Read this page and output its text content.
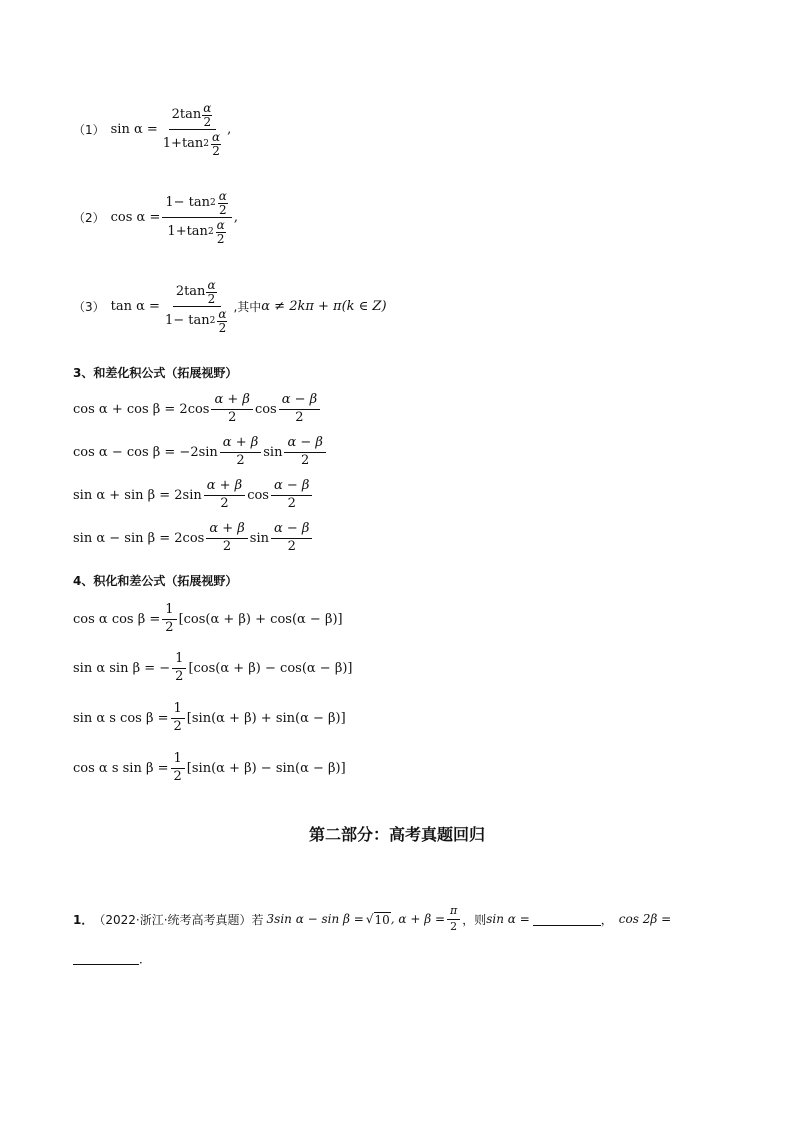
（1） $\sin \alpha = \frac{2\tan \frac{\alpha}{2}}{1+\tan 2 \frac{\alpha}{2}}$ ,
（2） $\cos \alpha = \frac{1- \tan 2 \frac{\alpha}{2}}{1+\tan 2 \frac{\alpha}{2}}$ ,
（3） $\tan \alpha = \frac{2\tan \frac{\alpha}{2}}{1- \tan 2 \frac{\alpha}{2}}$ ,其中 α ≠ 2kπ + π(k ∈ Z)
3、和差化积公式（拓展视野）
$\cos \alpha + \cos \beta = 2\cos \frac{\alpha + \beta}{2}$ $\cos \frac{\alpha - \beta}{2}$
$\cos \alpha - \cos \beta = -2\sin \frac{\alpha + \beta}{2}$ $\sin \frac{\alpha - \beta}{2}$
$\sin \alpha + \sin \beta = 2\sin \frac{\alpha + \beta}{2}$ $\cos \frac{\alpha - \beta}{2}$
$\sin \alpha - \sin \beta = 2\cos \frac{\alpha + \beta}{2}$ $\sin \frac{\alpha - \beta}{2}$
4、积化和差公式（拓展视野）
cos α $\cos \beta = \frac{1}{2} [\cos(\alpha + \beta) + \cos(\alpha - \beta)]$
sin α sin β = − $\frac{1}{2} [\cos(\alpha + \beta) - \cos(\alpha - \beta)]$
sin α s $\cos \beta = \frac{1}{2} [\sin(\alpha + \beta) + \sin(\alpha - \beta)]$
cos α s $\sin \beta = \frac{1}{2} [\sin(\alpha + \beta) - \sin(\alpha - \beta)]$
第二部分：高考真题回归
1． （2022·浙江·统考高考真题）若 3sin α − sin β = √ 10 , $\alpha + \beta = \frac{\pi}{2}$ ，则 sin α =	， cos 2β =
．
